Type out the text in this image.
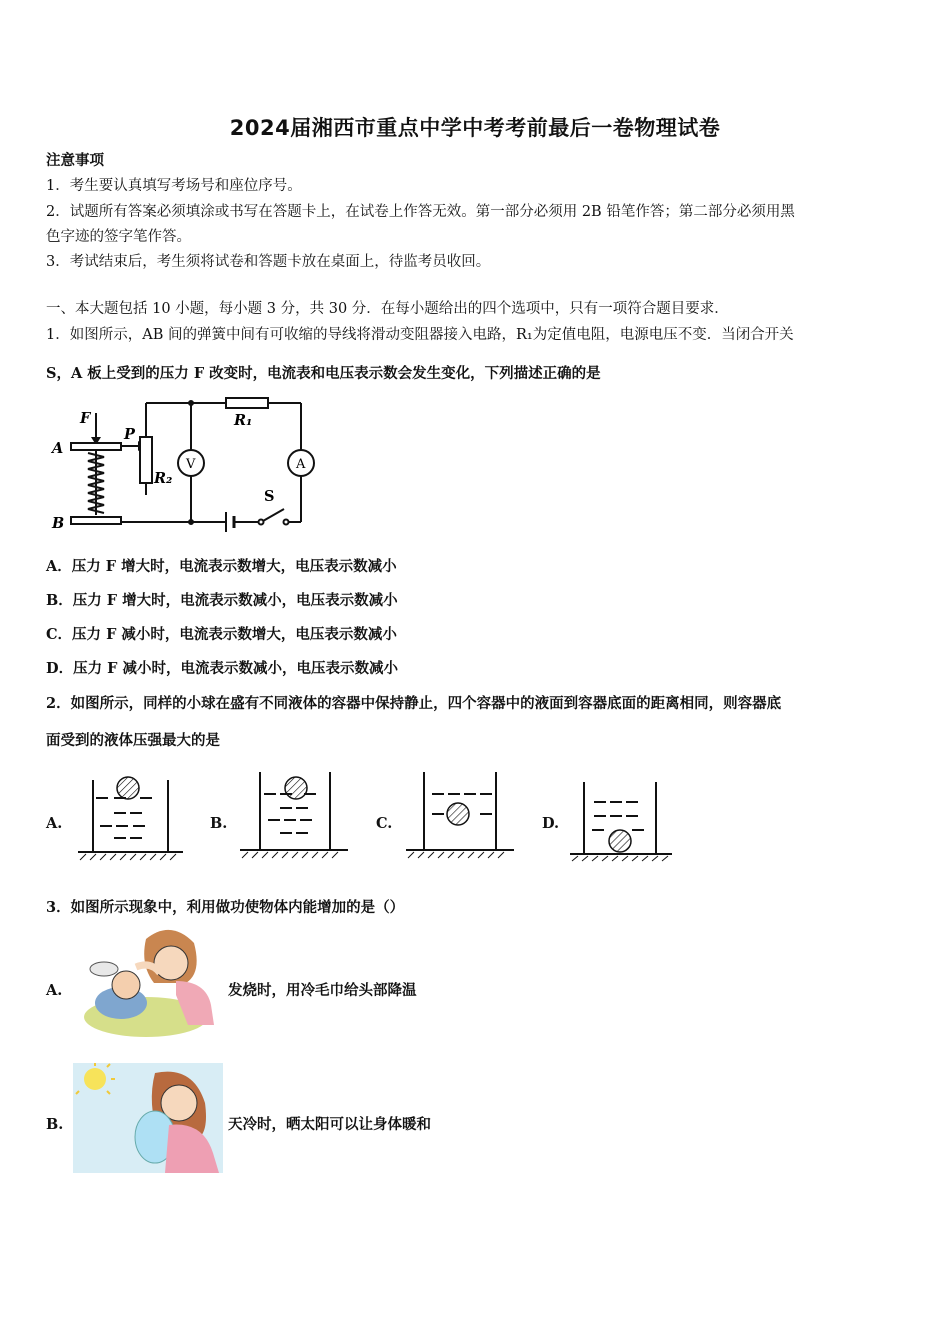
2024届湘西市重点中学中考考前最后一卷物理试卷
注意事项
1．考生要认真填写考场号和座位序号。
2．试题所有答案必须填涂或书写在答题卡上，在试卷上作答无效。第一部分必须用 2B 铅笔作答；第二部分必须用黑
色字迹的签字笔作答。
3．考试结束后，考生须将试卷和答题卡放在桌面上，待监考员收回。
一、本大题包括 10 小题，每小题 3 分，共 30 分．在每小题给出的四个选项中，只有一项符合题目要求．
1．如图所示，AB 间的弹簧中间有可收缩的导线将滑动变阻器接入电路，R₁为定值电阻，电源电压不变．当闭合开关
S，A 板上受到的压力 F 改变时，电流表和电压表示数会发生变化，下列描述正确的是
F
A
B
P
R₁
R₂
V	A
S
A．压力 F 增大时，电流表示数增大，电压表示数减小
B．压力 F 增大时，电流表示数减小，电压表示数减小
C．压力 F 减小时，电流表示数增大，电压表示数减小
D．压力 F 减小时，电流表示数减小，电压表示数减小
2．如图所示，同样的小球在盛有不同液体的容器中保持静止，四个容器中的液面到容器底面的距离相同，则容器底
面受到的液体压强最大的是
A.	B.	C.	D.
3．如图所示现象中，利用做功使物体内能增加的是（）
A.	发烧时，用冷毛巾给头部降温
B.	天冷时，晒太阳可以让身体暖和
